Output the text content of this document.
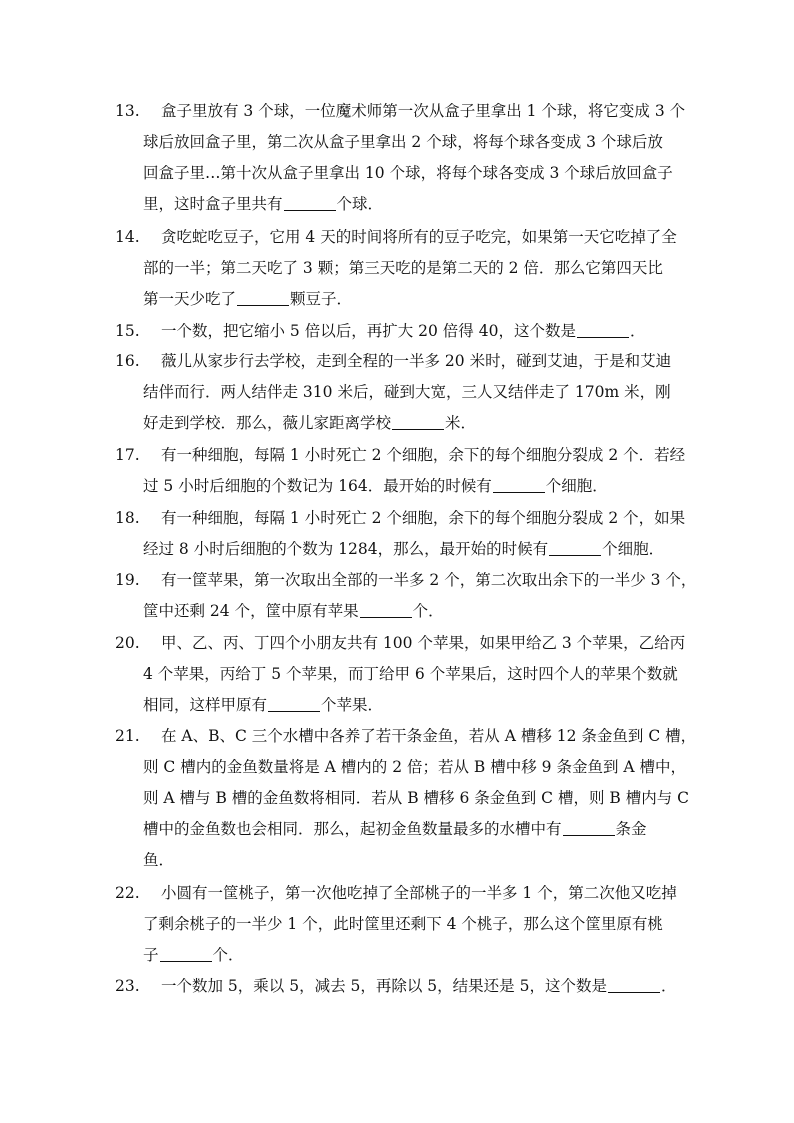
13.	盒子里放有 3 个球，一位魔术师第一次从盒子里拿出 1 个球，将它变成 3 个
球后放回盒子里，第二次从盒子里拿出 2 个球，将每个球各变成 3 个球后放
回盒子里…第十次从盒子里拿出 10 个球，将每个球各变成 3 个球后放回盒子
里，这时盒子里共有	个球．
14.	贪吃蛇吃豆子，它用 4 天的时间将所有的豆子吃完，如果第一天它吃掉了全
部的一半；第二天吃了 3 颗；第三天吃的是第二天的 2 倍．那么它第四天比
第一天少吃了	颗豆子．
15.	一个数，把它缩小 5 倍以后，再扩大 20 倍得 40，这个数是	．
16.	薇儿从家步行去学校，走到全程的一半多 20 米时，碰到艾迪，于是和艾迪
结伴而行．两人结伴走 310 米后，碰到大宽，三人又结伴走了 170m 米，刚
好走到学校．那么，薇儿家距离学校	米．
17.	有一种细胞，每隔 1 小时死亡 2 个细胞，余下的每个细胞分裂成 2 个．若经
过 5 小时后细胞的个数记为 164．最开始的时候有	个细胞．
18.	有一种细胞，每隔 1 小时死亡 2 个细胞，余下的每个细胞分裂成 2 个，如果
经过 8 小时后细胞的个数为 1284，那么，最开始的时候有	个细胞．
19.	有一筐苹果，第一次取出全部的一半多 2 个，第二次取出余下的一半少 3 个，
筐中还剩 24 个，筐中原有苹果	个．
20.	甲、乙、丙、丁四个小朋友共有 100 个苹果，如果甲给乙 3 个苹果，乙给丙
4 个苹果，丙给丁 5 个苹果，而丁给甲 6 个苹果后，这时四个人的苹果个数就
相同，这样甲原有	个苹果．
21.	在 A、B、C 三个水槽中各养了若干条金鱼，若从 A 槽移 12 条金鱼到 C 槽，
则 C 槽内的金鱼数量将是 A 槽内的 2 倍；若从 B 槽中移 9 条金鱼到 A 槽中，
则 A 槽与 B 槽的金鱼数将相同．若从 B 槽移 6 条金鱼到 C 槽，则 B 槽内与 C
槽中的金鱼数也会相同．那么，起初金鱼数量最多的水槽中有	条金
鱼．
22.	小圆有一筐桃子，第一次他吃掉了全部桃子的一半多 1 个，第二次他又吃掉
了剩余桃子的一半少 1 个，此时筐里还剩下 4 个桃子，那么这个筐里原有桃
子	个．
23.	一个数加 5，乘以 5，减去 5，再除以 5，结果还是 5，这个数是	．
